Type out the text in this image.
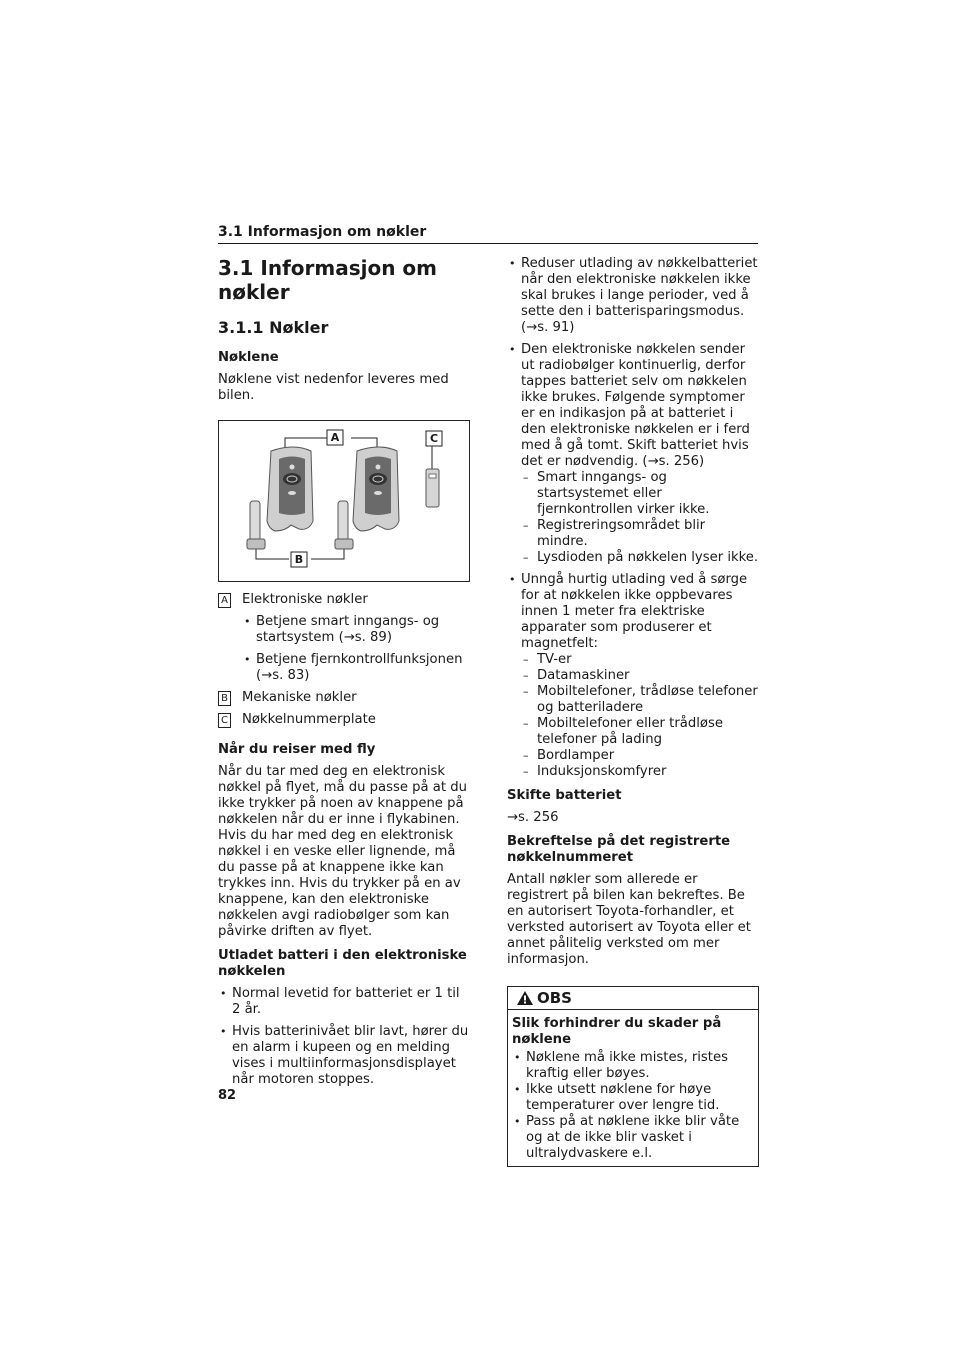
3.1 Informasjon om nøkler
3.1 Informasjon om nøkler
3.1.1 Nøkler
Nøklene

Nøklene vist nedenfor leveres med bilen.

A	C
B
A Elektroniske nøkler
• Betjene smart inngangs- og startsystem (→s. 89)
• Betjene fjernkontrollfunksjonen (→s. 83)
B Mekaniske nøkler
C Nøkkelnummerplate
Når du reiser med fly

Når du tar med deg en elektronisk nøkkel på flyet, må du passe på at du ikke trykker på noen av knappene på nøkkelen når du er inne i flykabinen. Hvis du har med deg en elektronisk nøkkel i en veske eller lignende, må du passe på at knappene ikke kan trykkes inn. Hvis du trykker på en av knappene, kan den elektroniske nøkkelen avgi radiobølger som kan påvirke driften av flyet.

Utladet batteri i den elektroniske nøkkelen
• Normal levetid for batteriet er 1 til 2 år.
• Hvis batterinivået blir lavt, hører du en alarm i kupeen og en melding vises i multiinformasjonsdisplayet når motoren stoppes.
• Reduser utlading av nøkkelbatteriet når den elektroniske nøkkelen ikke skal brukes i lange perioder, ved å sette den i batterisparingsmodus. (→s. 91)
• Den elektroniske nøkkelen sender ut radiobølger kontinuerlig, derfor tappes batteriet selv om nøkkelen ikke brukes. Følgende symptomer er en indikasjon på at batteriet i den elektroniske nøkkelen er i ferd med å gå tomt. Skift batteriet hvis det er nødvendig. (→s. 256)
– Smart inngangs- og startsystemet eller fjernkontrollen virker ikke.
– Registreringsområdet blir mindre.
– Lysdioden på nøkkelen lyser ikke.
• Unngå hurtig utlading ved å sørge for at nøkkelen ikke oppbevares innen 1 meter fra elektriske apparater som produserer et magnetfelt:
– TV-er
– Datamaskiner
– Mobiltelefoner, trådløse telefoner og batteriladere
– Mobiltelefoner eller trådløse telefoner på lading
– Bordlamper
– Induksjonskomfyrer
Skifte batteriet

→s. 256

Bekreftelse på det registrerte nøkkelnummeret

Antall nøkler som allerede er registrert på bilen kan bekreftes. Be en autorisert Toyota-forhandler, et verksted autorisert av Toyota eller et annet pålitelig verksted om mer informasjon.

OBS
Slik forhindrer du skader på nøklene
• Nøklene må ikke mistes, ristes kraftig eller bøyes.
• Ikke utsett nøklene for høye temperaturer over lengre tid.
• Pass på at nøklene ikke blir våte og at de ikke blir vasket i ultralydvaskere e.l.
82
